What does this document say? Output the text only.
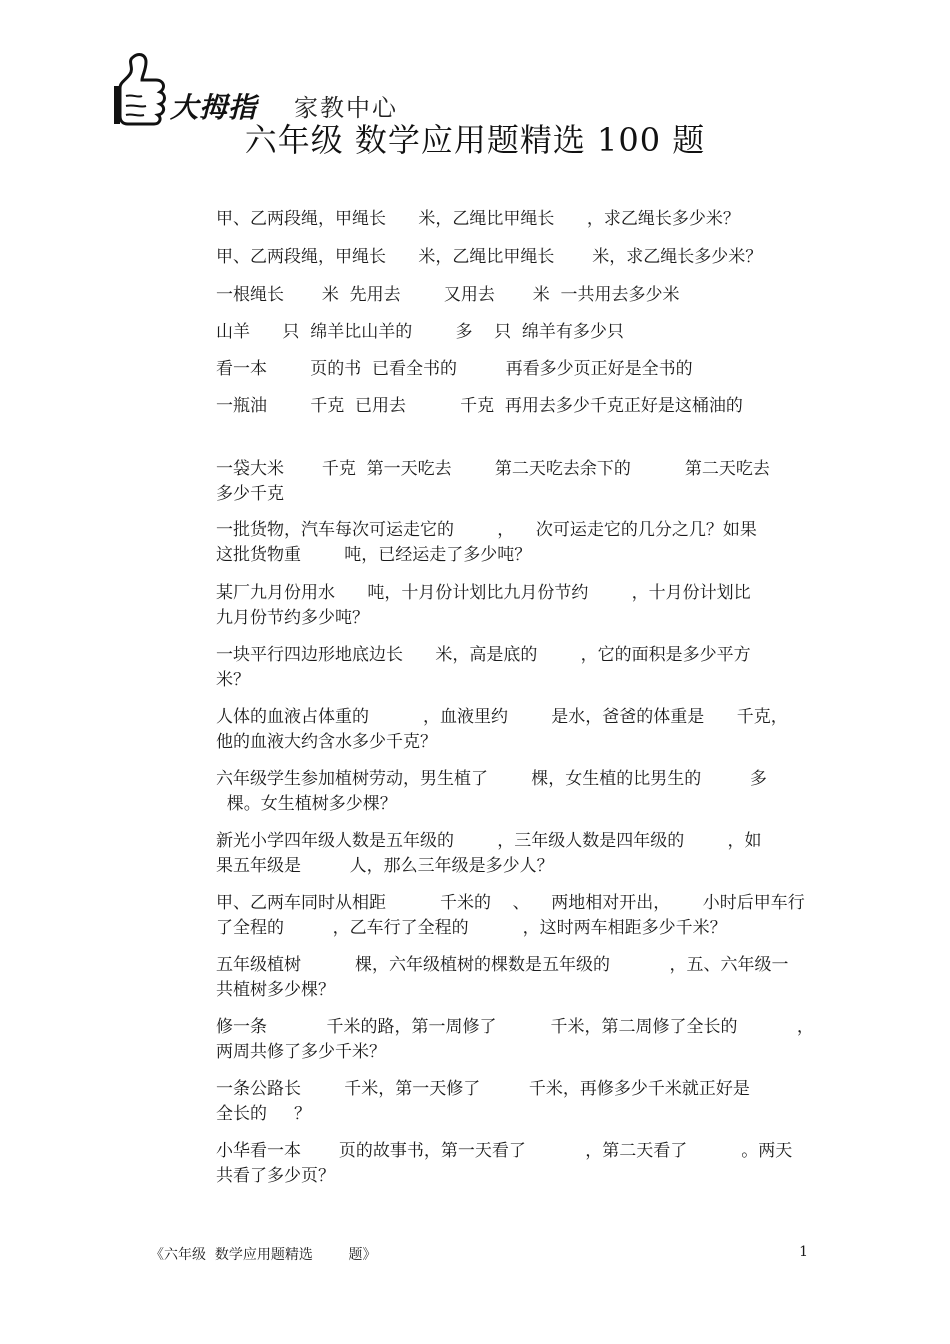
大拇指 家教中心
六年级 数学应用题精选 100 题

甲、乙两段绳，甲绳长      米，乙绳比甲绳长      ，求乙绳长多少米？

甲、乙两段绳，甲绳长      米，乙绳比甲绳长       米，求乙绳长多少米？

一根绳长       米  先用去        又用去       米  一共用去多少米

山羊      只  绵羊比山羊的        多    只  绵羊有多少只

看一本        页的书  已看全书的         再看多少页正好是全书的

一瓶油        千克  已用去          千克  再用去多少千克正好是这桶油的

一袋大米       千克  第一天吃去        第二天吃去余下的          第二天吃去
多少千克

一批货物，汽车每次可运走它的        ，    次可运走它的几分之几？如果
这批货物重        吨，已经运走了多少吨？

某厂九月份用水      吨，十月份计划比九月份节约        ，十月份计划比
九月份节约多少吨？

一块平行四边形地底边长      米，高是底的        ，它的面积是多少平方
米？

人体的血液占体重的          ，血液里约        是水，爸爸的体重是      千克，
他的血液大约含水多少千克？

六年级学生参加植树劳动，男生植了        棵，女生植的比男生的         多
棵。女生植树多少棵？

新光小学四年级人数是五年级的        ，三年级人数是四年级的        ，如
果五年级是         人，那么三年级是多少人？

甲、乙两车同时从相距          千米的    、    两地相对开出，      小时后甲车行
了全程的         ，乙车行了全程的          ，这时两车相距多少千米？

五年级植树          棵，六年级植树的棵数是五年级的           ，五、六年级一
共植树多少棵？

修一条           千米的路，第一周修了          千米，第二周修了全长的           ，
两周共修了多少千米？

一条公路长        千米，第一天修了         千米，再修多少千米就正好是
全长的     ？

小华看一本       页的故事书，第一天看了           ，第二天看了          。两天
共看了多少页？

《六年级  数学应用题精选        题》	1
